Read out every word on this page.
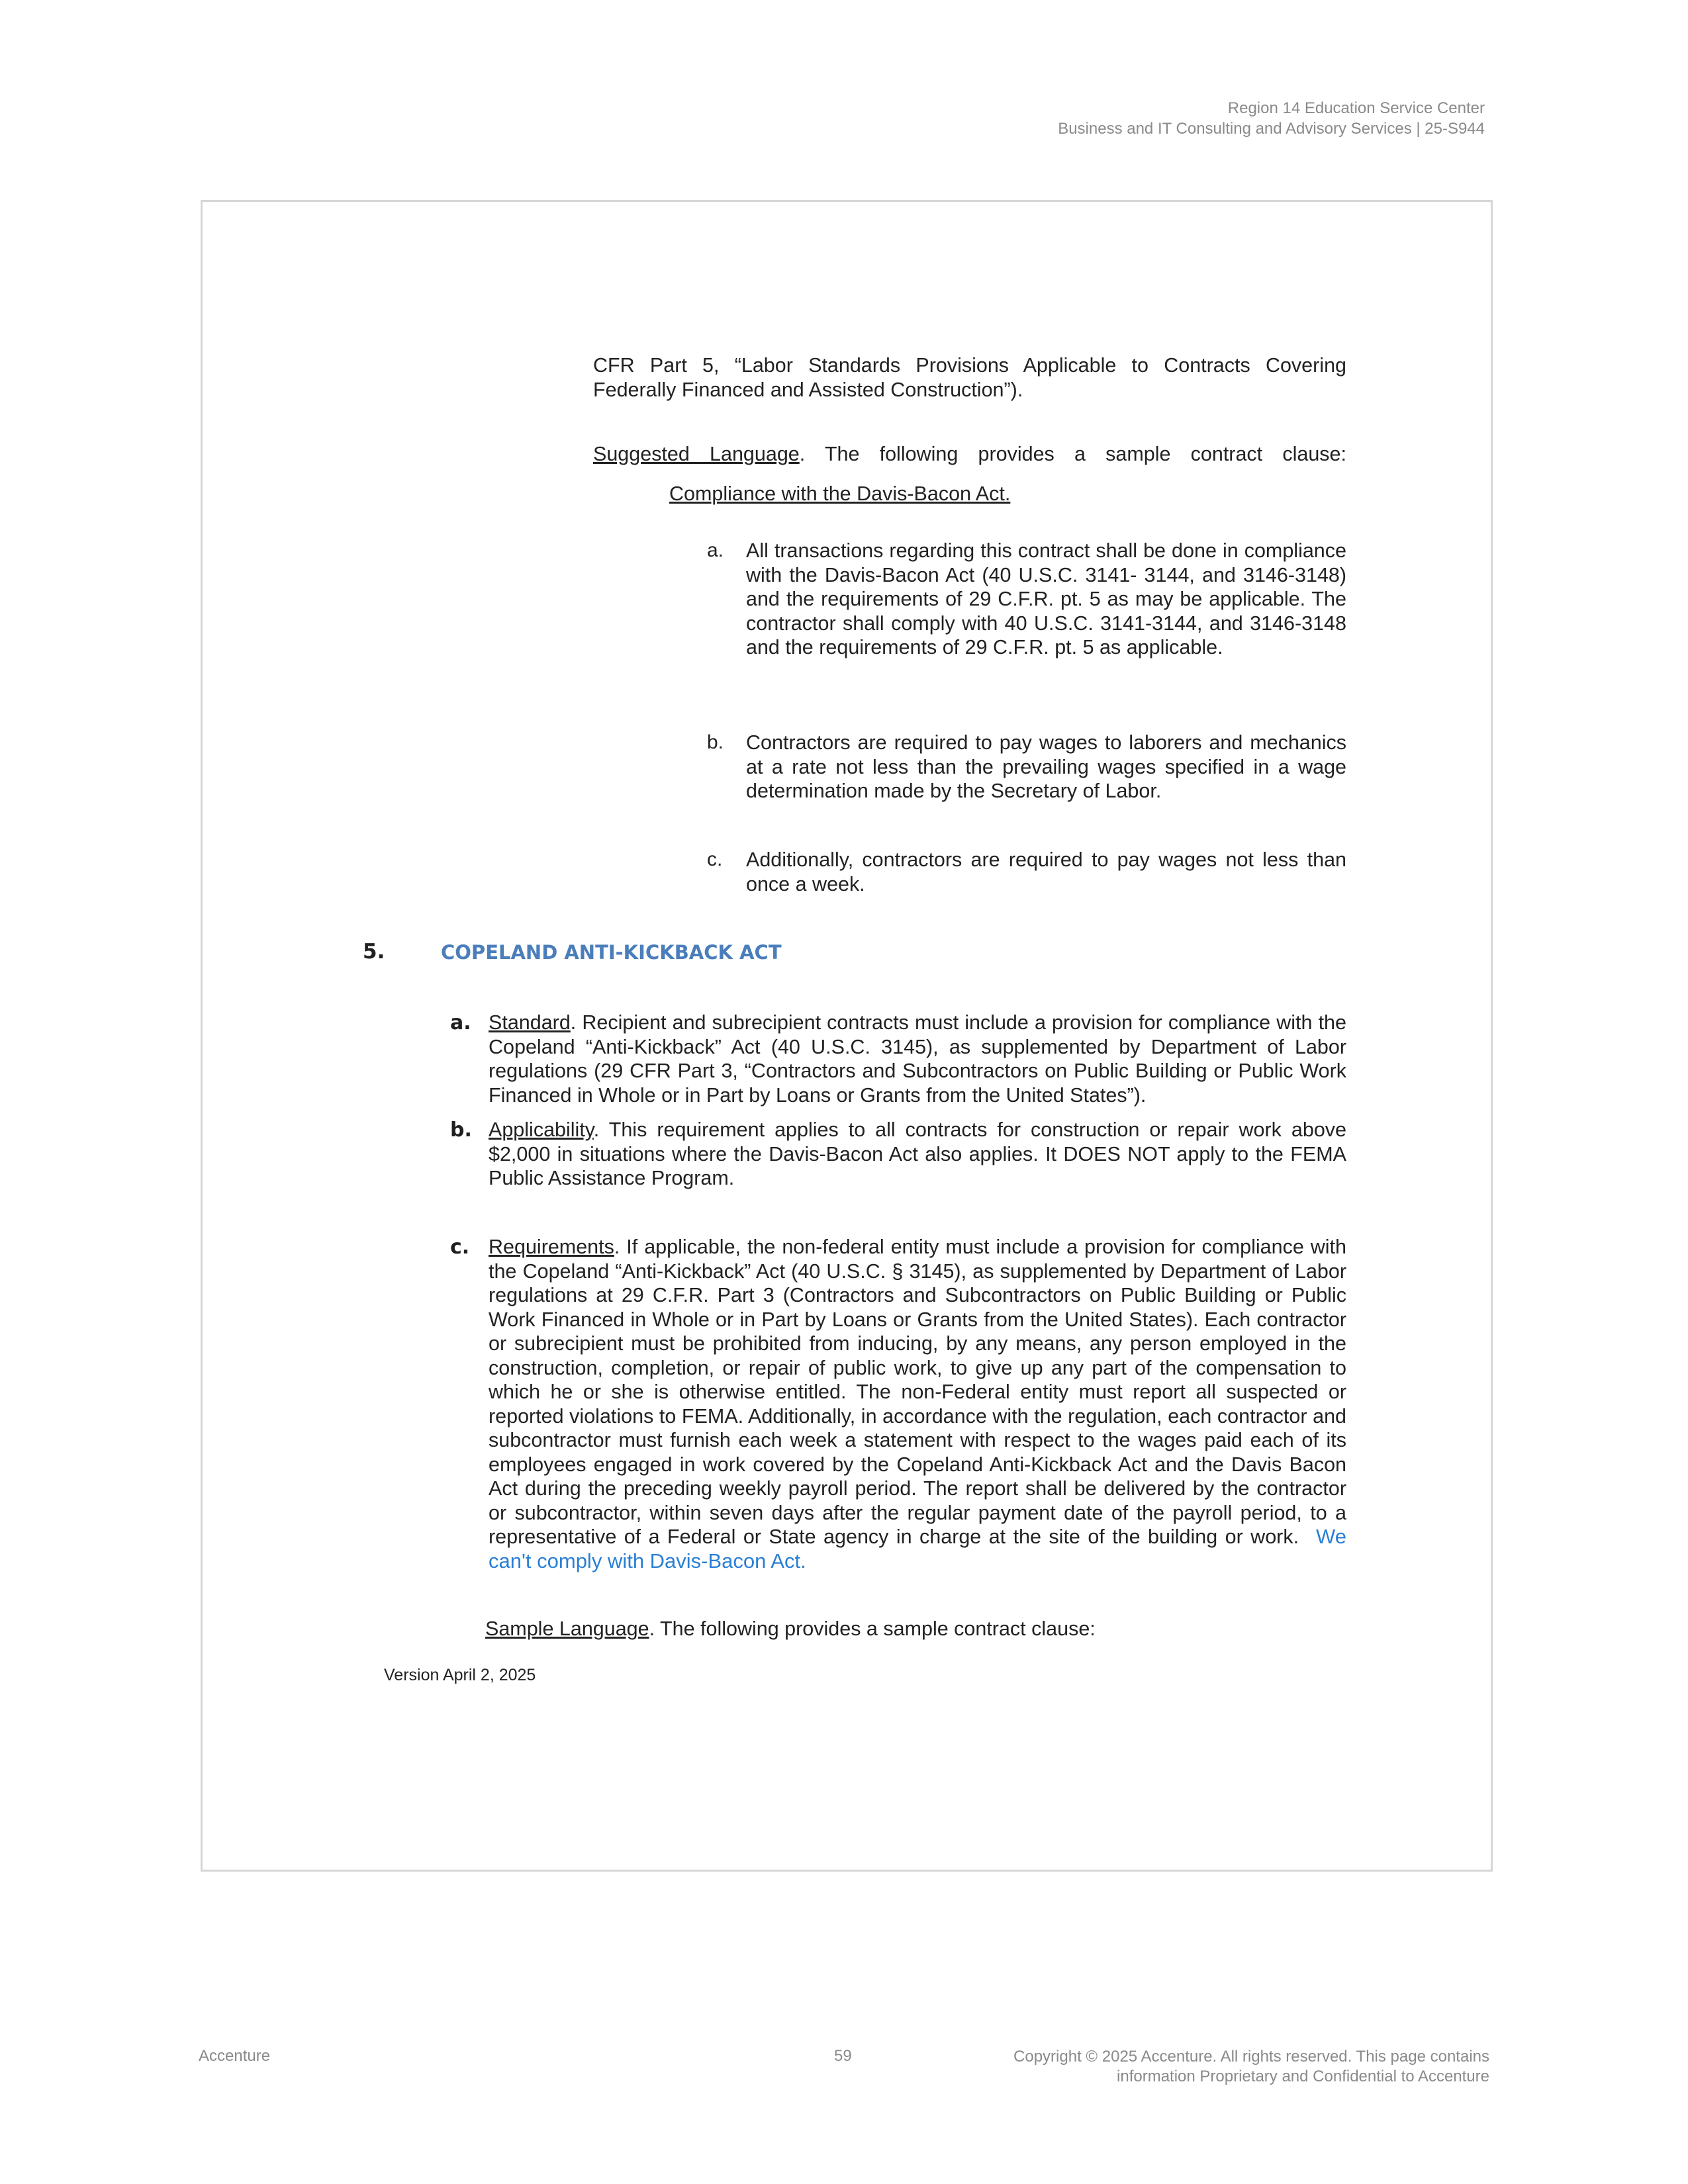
Region 14 Education Service Center
Business and IT Consulting and Advisory Services | 25-S944
CFR Part 5, “Labor Standards Provisions Applicable to Contracts Covering Federally Financed and Assisted Construction”).
Suggested Language. The following provides a sample contract clause:
Compliance with the Davis-Bacon Act.
a. All transactions regarding this contract shall be done in compliance with the Davis-Bacon Act (40 U.S.C. 3141- 3144, and 3146-3148) and the requirements of 29 C.F.R. pt. 5 as may be applicable. The contractor shall comply with 40 U.S.C. 3141-3144, and 3146-3148 and the requirements of 29 C.F.R. pt. 5 as applicable.
b. Contractors are required to pay wages to laborers and mechanics at a rate not less than the prevailing wages specified in a wage determination made by the Secretary of Labor.
c. Additionally, contractors are required to pay wages not less than once a week.
5.	COPELAND ANTI-KICKBACK ACT
a. Standard. Recipient and subrecipient contracts must include a provision for compliance with the Copeland “Anti-Kickback” Act (40 U.S.C. 3145), as supplemented by Department of Labor regulations (29 CFR Part 3, “Contractors and Subcontractors on Public Building or Public Work Financed in Whole or in Part by Loans or Grants from the United States”).
b. Applicability. This requirement applies to all contracts for construction or repair work above $2,000 in situations where the Davis-Bacon Act also applies. It DOES NOT apply to the FEMA Public Assistance Program.
c. Requirements. If applicable, the non-federal entity must include a provision for compliance with the Copeland “Anti-Kickback” Act (40 U.S.C. § 3145), as supplemented by Department of Labor regulations at 29 C.F.R. Part 3 (Contractors and Subcontractors on Public Building or Public Work Financed in Whole or in Part by Loans or Grants from the United States). Each contractor or subrecipient must be prohibited from inducing, by any means, any person employed in the construction, completion, or repair of public work, to give up any part of the compensation to which he or she is otherwise entitled. The non-Federal entity must report all suspected or reported violations to FEMA. Additionally, in accordance with the regulation, each contractor and subcontractor must furnish each week a statement with respect to the wages paid each of its employees engaged in work covered by the Copeland Anti-Kickback Act and the Davis Bacon Act during the preceding weekly payroll period. The report shall be delivered by the contractor or subcontractor, within seven days after the regular payment date of the payroll period, to a representative of a Federal or State agency in charge at the site of the building or work. We can't comply with Davis-Bacon Act.
Sample Language. The following provides a sample contract clause:
Version April 2, 2025
Accenture	59	Copyright © 2025 Accenture. All rights reserved. This page contains
information Proprietary and Confidential to Accenture
